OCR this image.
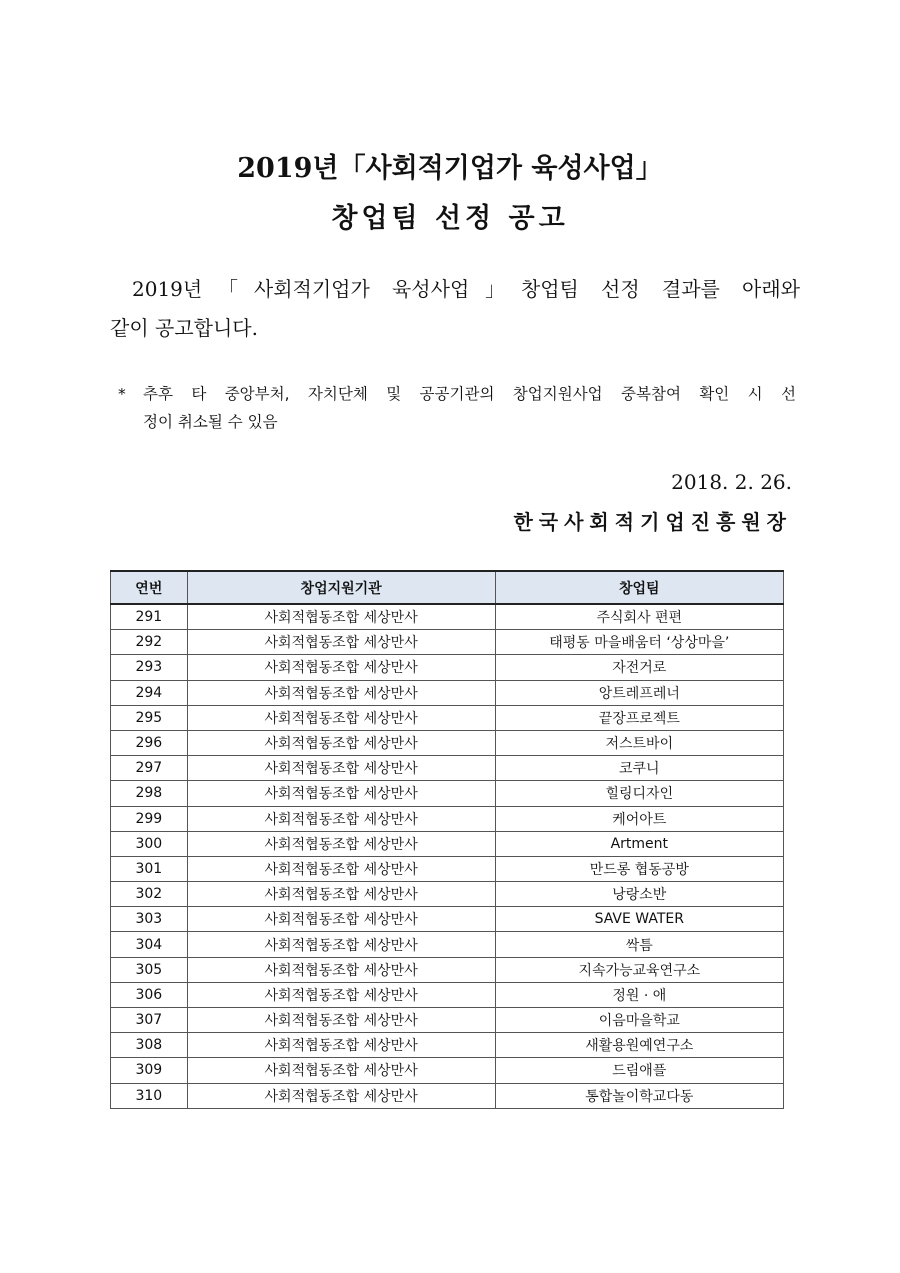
2019년「사회적기업가 육성사업」
창업팀 선정 공고
2019년「사회적기업가 육성사업」창업팀 선정 결과를 아래와
같이 공고합니다.
*	추후 타 중앙부처, 자치단체 및 공공기관의 창업지원사업 중복참여 확인 시 선
정이 취소될 수 있음
2018. 2. 26.
한국사회적기업진흥원장
연번	창업지원기관	창업팀
291	사회적협동조합 세상만사	주식회사 편편
292	사회적협동조합 세상만사	태평동 마을배움터 ‘상상마을’
293	사회적협동조합 세상만사	자전거로
294	사회적협동조합 세상만사	앙트레프레너
295	사회적협동조합 세상만사	끝장프로젝트
296	사회적협동조합 세상만사	저스트바이
297	사회적협동조합 세상만사	코쿠니
298	사회적협동조합 세상만사	힐링디자인
299	사회적협동조합 세상만사	케어아트
300	사회적협동조합 세상만사	Artment
301	사회적협동조합 세상만사	만드롱 협동공방
302	사회적협동조합 세상만사	낭랑소반
303	사회적협동조합 세상만사	SAVE WATER
304	사회적협동조합 세상만사	싹틈
305	사회적협동조합 세상만사	지속가능교육연구소
306	사회적협동조합 세상만사	정원 · 애
307	사회적협동조합 세상만사	이음마을학교
308	사회적협동조합 세상만사	새활용원예연구소
309	사회적협동조합 세상만사	드림애플
310	사회적협동조합 세상만사	통합놀이학교다동
